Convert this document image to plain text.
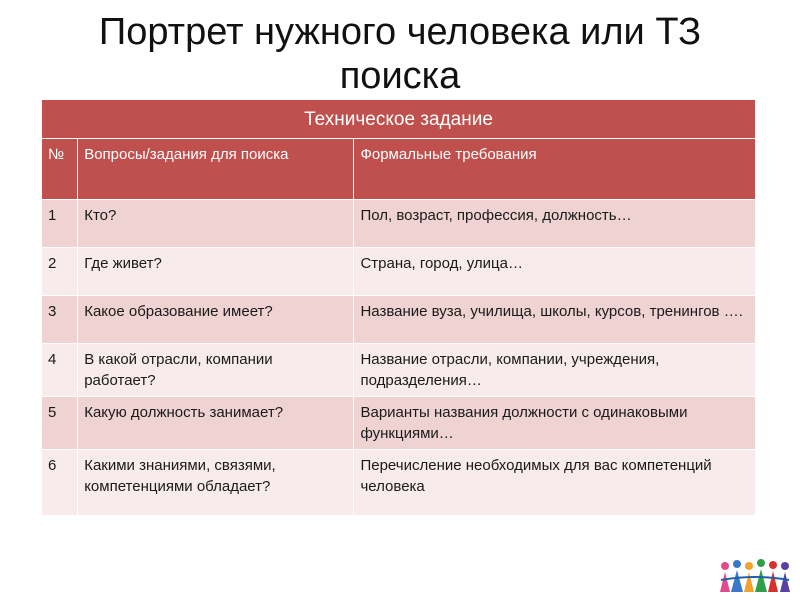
Портрет нужного человека или ТЗ поиска
Техническое задание		
№	Вопросы/задания для поиска	Формальные требования
1	Кто?	Пол, возраст, профессия, должность…
2	Где живет?	Страна, город, улица…
3	Какое образование имеет?	Название вуза, училища, школы, курсов, тренингов ….
4	В какой отрасли, компании работает?	Название отрасли, компании, учреждения, подразделения…
5	Какую должность занимает?	Варианты названия должности с одинаковыми функциями…
6	Какими знаниями, связями, компетенциями обладает?	Перечисление необходимых для вас компетенций человека
